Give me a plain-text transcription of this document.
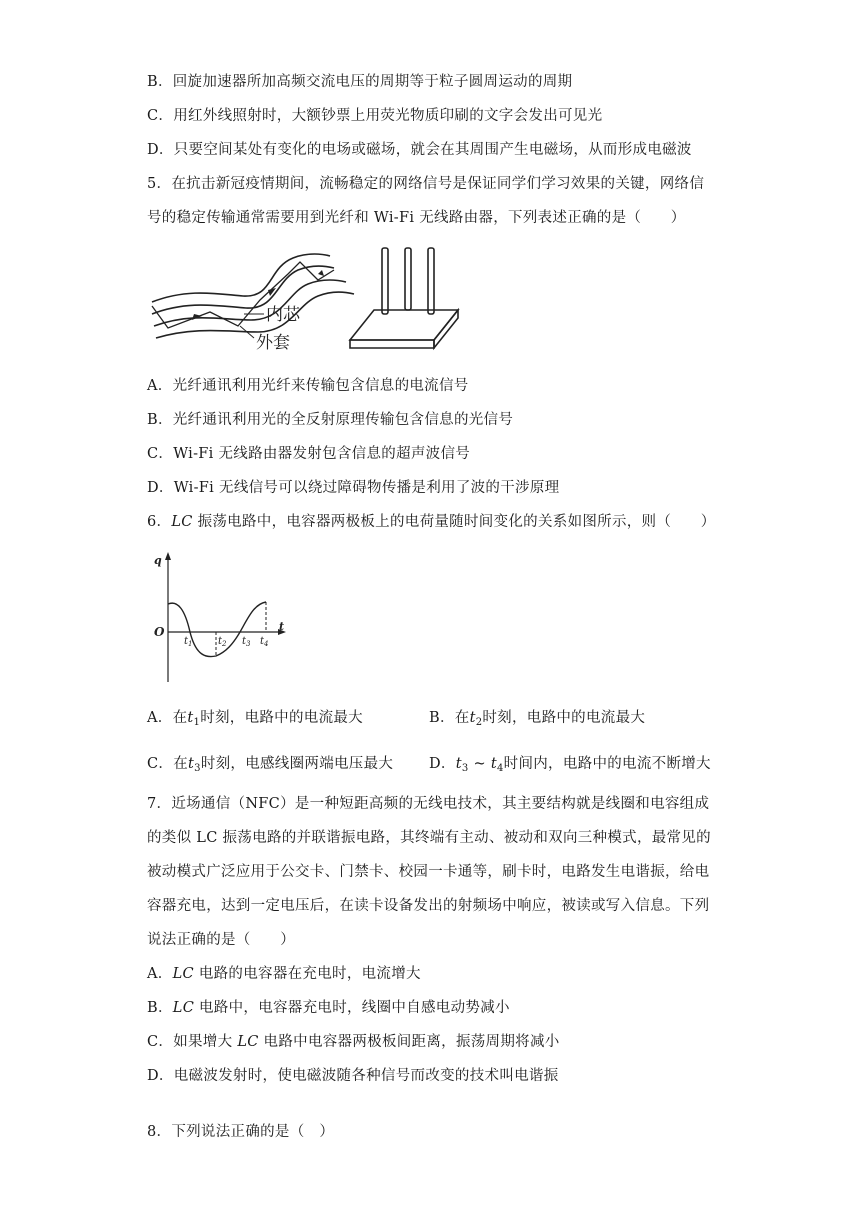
B．回旋加速器所加高频交流电压的周期等于粒子圆周运动的周期
C．用红外线照射时，大额钞票上用荧光物质印刷的文字会发出可见光
D．只要空间某处有变化的电场或磁场，就会在其周围产生电磁场，从而形成电磁波
5．在抗击新冠疫情期间，流畅稳定的网络信号是保证同学们学习效果的关键，网络信
号的稳定传输通常需要用到光纤和 Wi-Fi 无线路由器，下列表述正确的是（　　）
内芯
外套
A．光纤通讯利用光纤来传输包含信息的电流信号
B．光纤通讯利用光的全反射原理传输包含信息的光信号
C．Wi-Fi 无线路由器发射包含信息的超声波信号
D．Wi-Fi 无线信号可以绕过障碍物传播是利用了波的干涉原理
6．LC 振荡电路中，电容器两极板上的电荷量随时间变化的关系如图所示，则（　　）
q
t
O
$t_1$	$t_2$ $t_3$ $t_4$
A．在$t_1$时刻，电路中的电流最大	B．在$t_2$时刻，电路中的电流最大
C．在$t_3$时刻，电感线圈两端电压最大 D．$t_3$ ~ $t_4$时间内，电路中的电流不断增大
7．近场通信（NFC）是一种短距高频的无线电技术，其主要结构就是线圈和电容组成
的类似 LC 振荡电路的并联谐振电路，其终端有主动、被动和双向三种模式，最常见的
被动模式广泛应用于公交卡、门禁卡、校园一卡通等，刷卡时，电路发生电谐振，给电
容器充电，达到一定电压后，在读卡设备发出的射频场中响应，被读或写入信息。下列
说法正确的是（　　）
A．LC 电路的电容器在充电时，电流增大
B．LC 电路中，电容器充电时，线圈中自感电动势减小
C．如果增大 LC 电路中电容器两极板间距离，振荡周期将减小
D．电磁波发射时，使电磁波随各种信号而改变的技术叫电谐振
8．下列说法正确的是（　）
